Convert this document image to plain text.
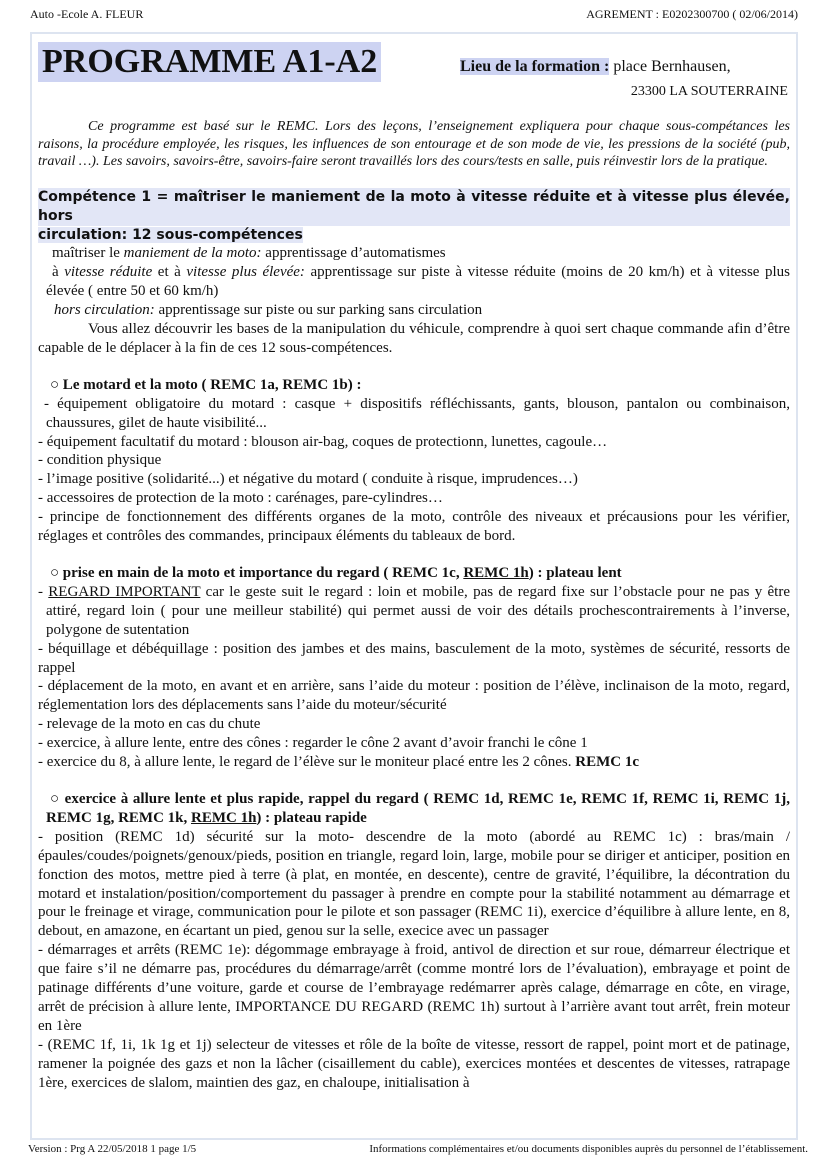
Auto -Ecole A. FLEUR	AGREMENT : E0202300700 ( 02/06/2014)
PROGRAMME A1-A2	Lieu de la formation : place Bernhausen,
23300 LA SOUTERRAINE

Ce programme est basé sur le REMC. Lors des leçons, l’enseignement expliquera pour chaque sous-compétances les raisons, la procédure employée, les risques, les influences de son entourage et de son mode de vie, les pressions de la société (pub, travail …). Les savoirs, savoirs-être, savoirs-faire seront travaillés lors des cours/tests en salle, puis réinvestir lors de la pratique.

Compétence 1 = maîtriser le maniement de la moto à vitesse réduite et à vitesse plus élevée, hors
circulation: 12 sous-compétences

maîtriser le maniement de la moto: apprentissage d’automatismes

à vitesse réduite et à vitesse plus élevée: apprentissage sur piste à vitesse réduite (moins de 20 km/h) et à vitesse plus élevée ( entre 50 et 60 km/h)

hors circulation: apprentissage sur piste ou sur parking sans circulation

Vous allez découvrir les bases de la manipulation du véhicule, comprendre à quoi sert chaque commande afin d’être capable de le déplacer à la fin de ces 12 sous-compétences.

○ Le motard et la moto ( REMC 1a, REMC 1b) :

- équipement obligatoire du motard : casque + dispositifs réfléchissants, gants, blouson, pantalon ou combinaison, chaussures, gilet de haute visibilité...

- équipement facultatif du motard : blouson air-bag, coques de protectionn, lunettes, cagoule…

- condition physique

- l’image positive (solidarité...) et négative du motard ( conduite à risque, imprudences…)

- accessoires de protection de la moto : carénages, pare-cylindres…

- principe de fonctionnement des différents organes de la moto, contrôle des niveaux et précausions pour les vérifier, réglages et contrôles des commandes, principaux éléments du tableaux de bord.

○ prise en main de la moto et importance du regard ( REMC 1c, REMC 1h) : plateau lent

- REGARD IMPORTANT car le geste suit le regard : loin et mobile, pas de regard fixe sur l’obstacle pour ne pas y être attiré, regard loin ( pour une meilleur stabilité) qui permet aussi de voir des détails prochescontrairements à l’inverse, polygone de sutentation

- béquillage et débéquillage : position des jambes et des mains, basculement de la moto, systèmes de sécurité, ressorts de rappel

- déplacement de la moto, en avant et en arrière, sans l’aide du moteur : position de l’élève, inclinaison de la moto, regard, réglementation lors des déplacements sans l’aide du moteur/sécurité

- relevage de la moto en cas du chute

- exercice, à allure lente, entre des cônes : regarder le cône 2 avant d’avoir franchi le cône 1

- exercice du 8, à allure lente, le regard de l’élève sur le moniteur placé entre les 2 cônes. REMC 1c

○ exercice à allure lente et plus rapide, rappel du regard ( REMC 1d, REMC 1e, REMC 1f, REMC 1i, REMC 1j, REMC 1g, REMC 1k, REMC 1h) : plateau rapide

- position (REMC 1d) sécurité sur la moto- descendre de la moto (abordé au REMC 1c) : bras/main /épaules/coudes/poignets/genoux/pieds, position en triangle, regard loin, large, mobile pour se diriger et anticiper, position en fonction des motos, mettre pied à terre (à plat, en montée, en descente), centre de gravité, l’équilibre, la décontration du motard et instalation/position/comportement du passager à prendre en compte pour la stabilité notamment au démarrage et pour le freinage et virage, communication pour le pilote et son passager (REMC 1i), exercice d’équilibre à allure lente, en 8, debout, en amazone, en écartant un pied, genou sur la selle, execice avec un passager

- démarrages et arrêts (REMC 1e): dégommage embrayage à froid, antivol de direction et sur roue, démarreur électrique et que faire s’il ne démarre pas, procédures du démarrage/arrêt (comme montré lors de l’évaluation), embrayage et point de patinage différents d’une voiture, garde et course de l’embrayage redémarrer après calage, démarrage en côte, en virage, arrêt de précision à allure lente, IMPORTANCE DU REGARD (REMC 1h) surtout à l’arrière avant tout arrêt, frein moteur en 1ère

- (REMC 1f, 1i, 1k 1g et 1j) selecteur de vitesses et rôle de la boîte de vitesse, ressort de rappel, point mort et de patinage, ramener la poignée des gazs et non la lâcher (cisaillement du cable), exercices montées et descentes de vitesses, ratrapage 1ère, exercices de slalom, maintien des gaz, en chaloupe, initialisation à

Version : Prg A 22/05/2018 1 page 1/5	Informations complémentaires et/ou documents disponibles auprès du personnel de l’établissement.
